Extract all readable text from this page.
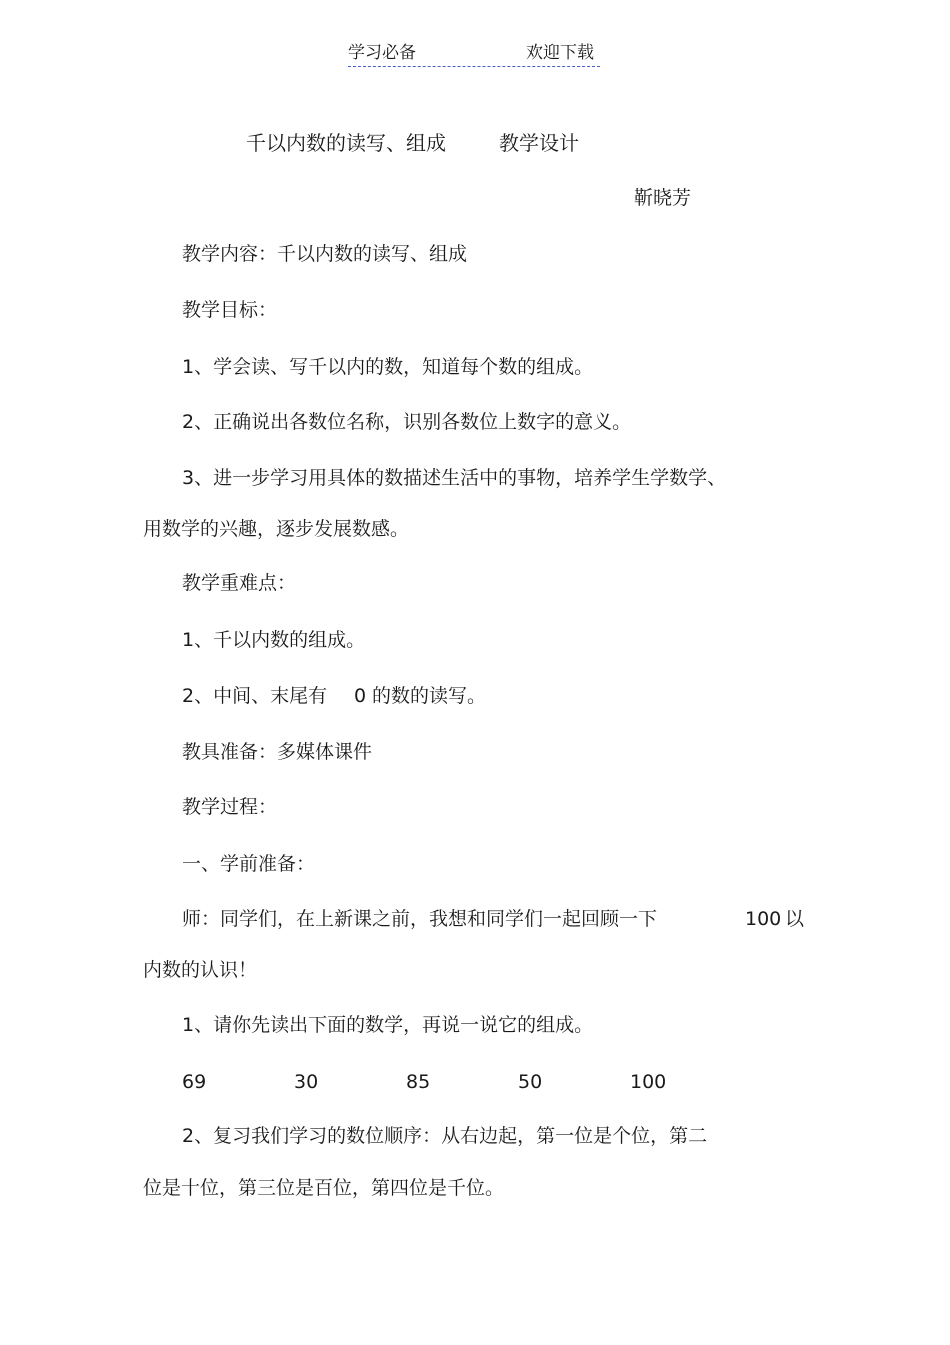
学习必备	欢迎下载
千以内数的读写、组成	教学设计
靳晓芳
教学内容：千以内数的读写、组成
教学目标：
1、学会读、写千以内的数，知道每个数的组成。
2、正确说出各数位名称，识别各数位上数字的意义。
3、进一步学习用具体的数描述生活中的事物，培养学生学数学、
用数学的兴趣，逐步发展数感。
教学重难点：
1、千以内数的组成。
2、中间、末尾有 0 的数的读写。
教具准备：多媒体课件
教学过程：
一、学前准备：
师：同学们，在上新课之前，我想和同学们一起回顾一下	100 以
内数的认识！
1、请你先读出下面的数学，再说一说它的组成。
69	30	85	50	100
2、复习我们学习的数位顺序：从右边起，第一位是个位，第二
位是十位，第三位是百位，第四位是千位。
